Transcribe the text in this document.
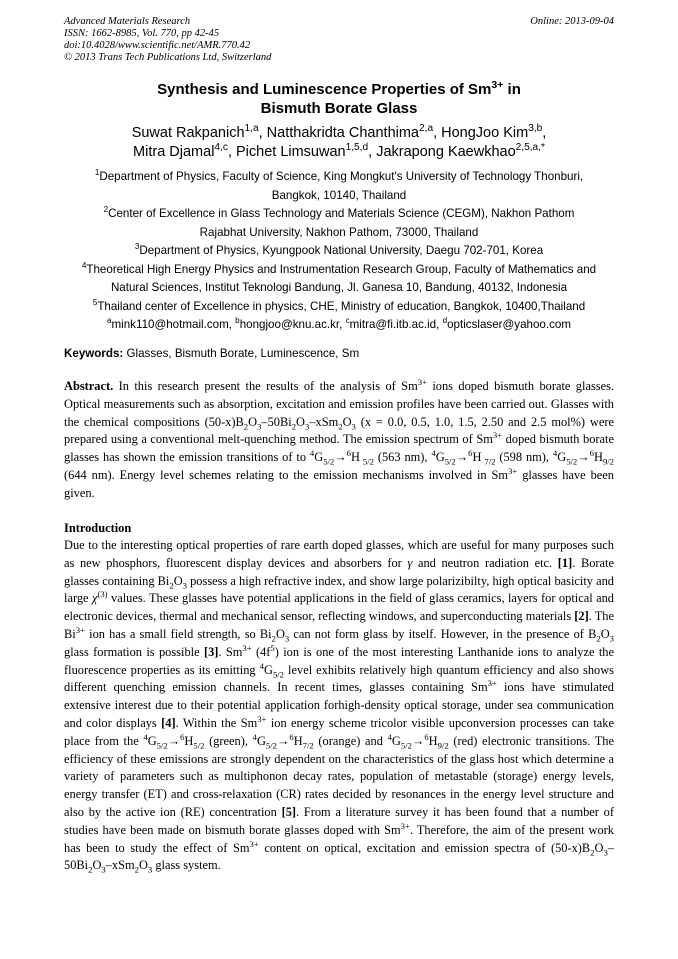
Advanced Materials Research
ISSN: 1662-8985, Vol. 770, pp 42-45
doi:10.4028/www.scientific.net/AMR.770.42
© 2013 Trans Tech Publications Ltd, Switzerland
Online: 2013-09-04
Synthesis and Luminescence Properties of $Sm^{3+}$ in
Bismuth Borate Glass
Suwat Rakpanich$^{1,a}$, Natthakridta Chanthima$^{2,a}$, HongJoo Kim$^{3,b}$,
Mitra Djamal$^{4,c}$, Pichet Limsuwan$^{1,5,d}$, Jakrapong Kaewkhao$^{2,5,a,*}$
$^1$Department of Physics, Faculty of Science, King Mongkut's University of Technology Thonburi,
Bangkok, 10140, Thailand
$^2$Center of Excellence in Glass Technology and Materials Science (CEGM), Nakhon Pathom
Rajabhat University, Nakhon Pathom, 73000, Thailand
$^3$Department of Physics, Kyungpook National University, Daegu 702-701, Korea
$^4$Theoretical High Energy Physics and Instrumentation Research Group, Faculty of Mathematics and
Natural Sciences, Institut Teknologi Bandung, Jl. Ganesa 10, Bandung, 40132, Indonesia
$^5$Thailand center of Excellence in physics, CHE, Ministry of education, Bangkok, 10400,Thailand
$^a$mink110@hotmail.com, $^b$hongjoo@knu.ac.kr, $^c$mitra@fi.itb.ac.id, $^d$opticslaser@yahoo.com
Keywords: Glasses, Bismuth Borate, Luminescence, Sm
Abstract. In this research present the results of the analysis of $Sm^{3+}$ ions doped bismuth borate glasses. Optical measurements such as absorption, excitation and emission profiles have been carried out. Glasses with the chemical compositions $(50-x)B_2O_3-50Bi_2O_3-xSm_2O_3$ (x = 0.0, 0.5, 1.0, 1.5, 2.50 and 2.5 mol%) were prepared using a conventional melt-quenching method. The emission spectrum of $Sm^{3+}$ doped bismuth borate glasses has shown the emission transitions of to $^4G_{5/2}\to^6H$ $_{5/2}$ (563 nm), $^4G_{5/2}\to^6H$ $_{7/2}$ (598 nm), $^4G_{5/2}\to^6H_{9/2}$ (644 nm). Energy level schemes relating to the emission mechanisms involved in $Sm^{3+}$ glasses have been given.
Introduction
Due to the interesting optical properties of rare earth doped glasses, which are useful for many purposes such as new phosphors, fluorescent display devices and absorbers for γ and neutron radiation etc. [1]. Borate glasses containing $Bi_2O_3$ possess a high refractive index, and show large polarizibilty, high optical basicity and large $\chi^{(3)}$ values. These glasses have potential applications in the field of glass ceramics, layers for optical and electronic devices, thermal and mechanical sensor, reflecting windows, and superconducting materials [2]. The $Bi^{3+}$ ion has a small field strength, so $Bi_2O_3$ can not form glass by itself. However, in the presence of $B_2O_3$ glass formation is possible [3]. $Sm^{3+}$ $(4f^5)$ ion is one of the most interesting Lanthanide ions to analyze the fluorescence properties as its emitting $^4G_{5/2}$ level exhibits relatively high quantum efficiency and also shows different quenching emission channels. In recent times, glasses containing $Sm^{3+}$ ions have stimulated extensive interest due to their potential application forhigh-density optical storage, under sea communication and color displays [4]. Within the $Sm^{3+}$ ion energy scheme tricolor visible upconversion processes can take place from the $^4G_{5/2}\to^6H_{5/2}$ (green), $^4G_{5/2}\to^6H_{7/2}$ (orange) and $^4G_{5/2}\to^6H_{9/2}$ (red) electronic transitions. The efficiency of these emissions are strongly dependent on the characteristics of the glass host which determine a variety of parameters such as multiphonon decay rates, population of metastable (storage) energy levels, energy transfer (ET) and cross-relaxation (CR) rates decided by resonances in the energy level structure and also by the active ion (RE) concentration [5]. From a literature survey it has been found that a number of studies have been made on bismuth borate glasses doped with $Sm^{3+}$. Therefore, the aim of the present work has been to study the effect of $Sm^{3+}$ content on optical, excitation and emission spectra of $(50-x)B_2O_3-50Bi_2O_3-xSm_2O_3$ glass system.
